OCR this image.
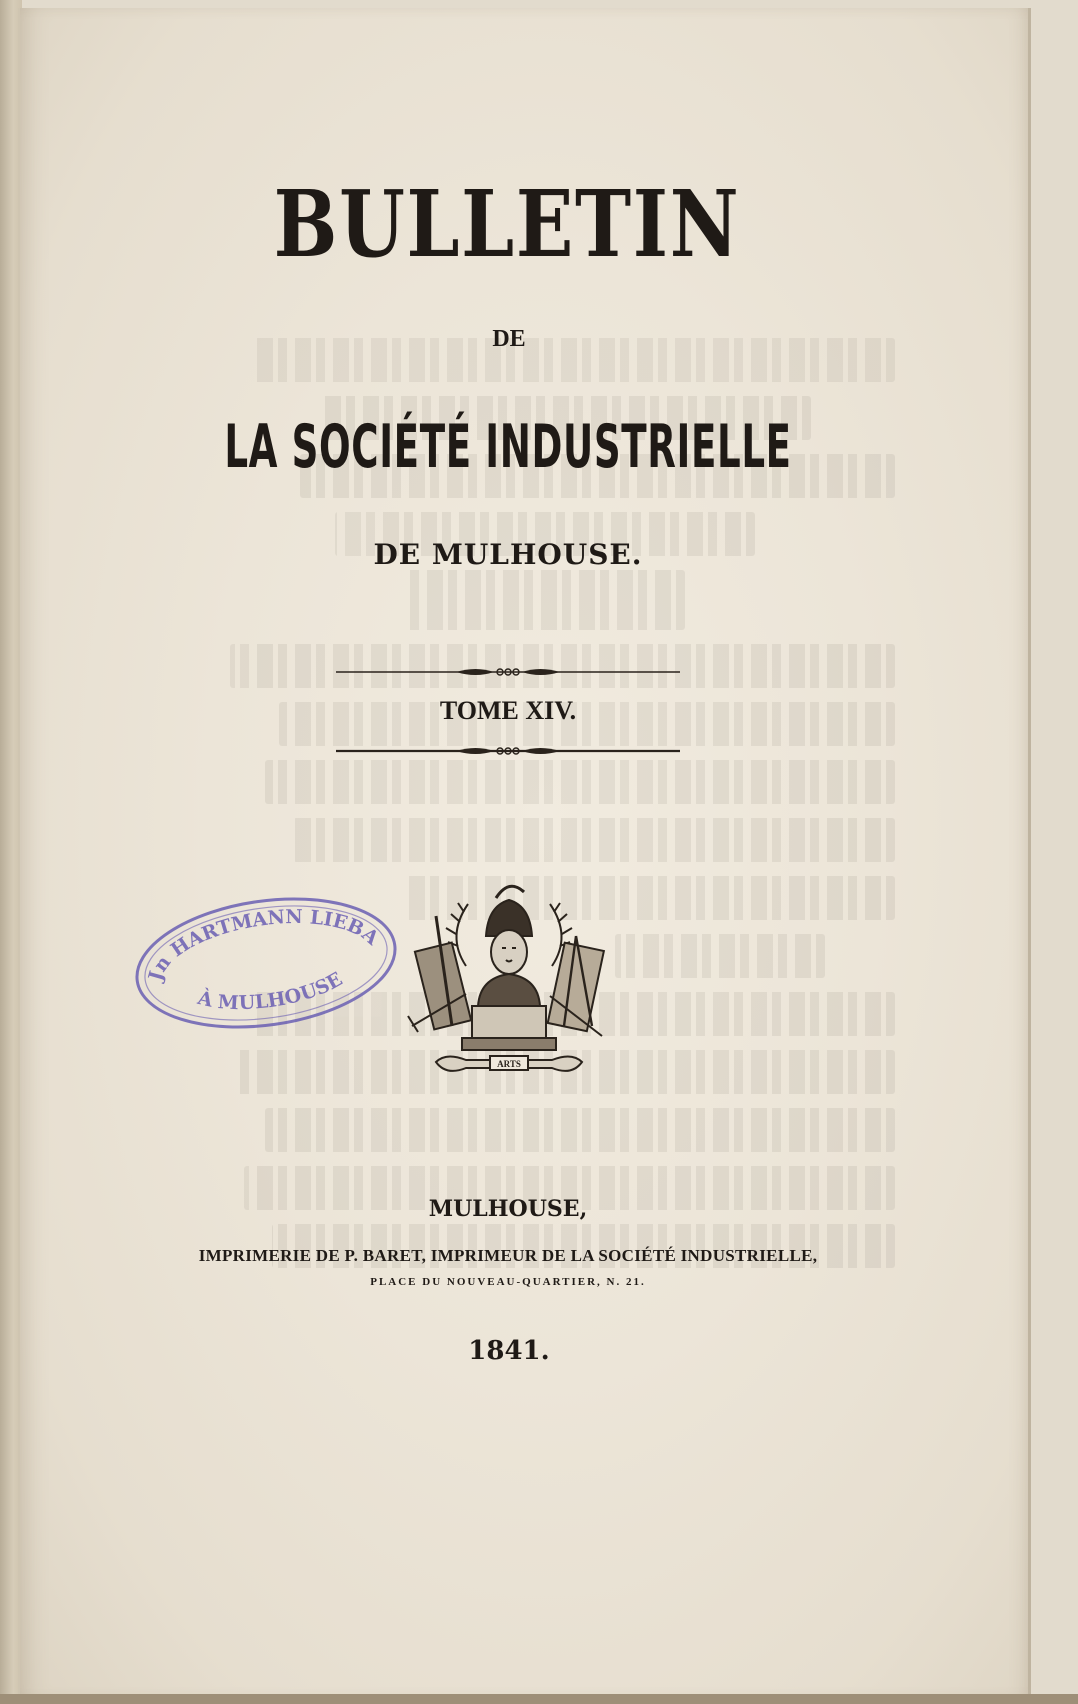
BULLETIN
DE
LA SOCIÉTÉ INDUSTRIELLE
DE MULHOUSE.
TOME XIV.
Jn HARTMANN LIEBA
À MULHOUSE
ARTS
MULHOUSE,
IMPRIMERIE DE P. BARET, IMPRIMEUR DE LA SOCIÉTÉ INDUSTRIELLE,
PLACE DU NOUVEAU-QUARTIER, N. 21.
1841.
